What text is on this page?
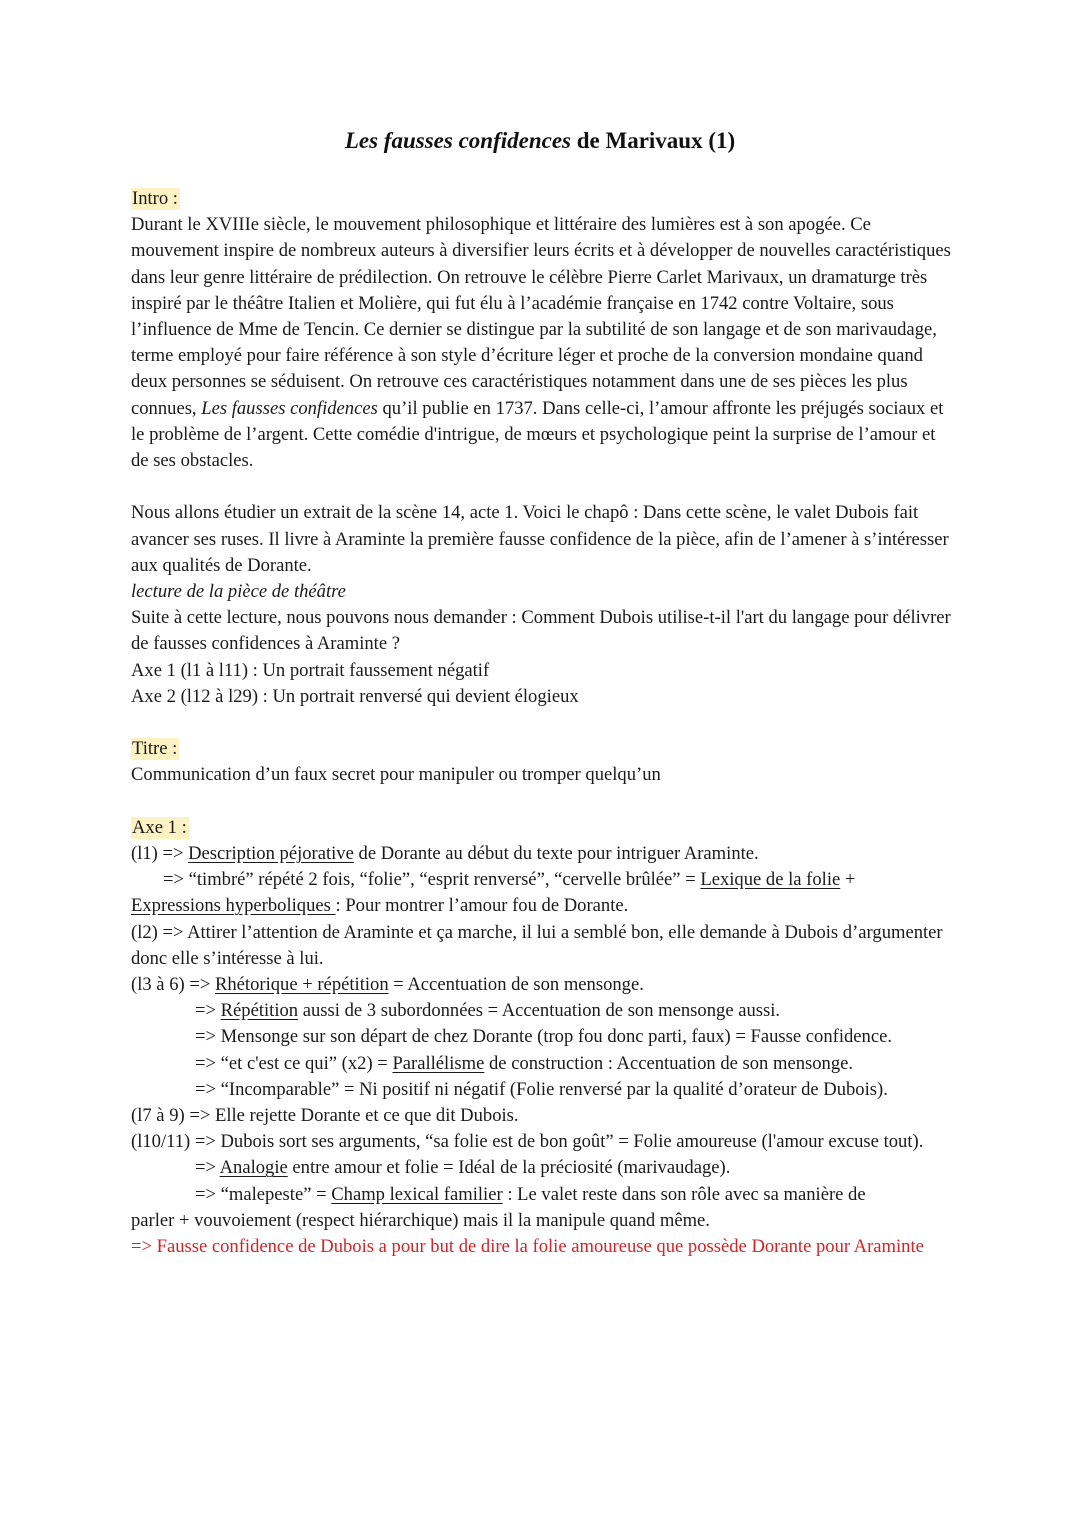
Les fausses confidences de Marivaux (1)

Intro :

Durant le XVIIIe siècle, le mouvement philosophique et littéraire des lumières est à son apogée. Ce mouvement inspire de nombreux auteurs à diversifier leurs écrits et à développer de nouvelles caractéristiques dans leur genre littéraire de prédilection. On retrouve le célèbre Pierre Carlet Marivaux, un dramaturge très inspiré par le théâtre Italien et Molière, qui fut élu à l’académie française en 1742 contre Voltaire, sous l’influence de Mme de Tencin. Ce dernier se distingue par la subtilité de son langage et de son marivaudage, terme employé pour faire référence à son style d’écriture léger et proche de la conversion mondaine quand deux personnes se séduisent. On retrouve ces caractéristiques notamment dans une de ses pièces les plus connues, Les fausses confidences qu’il publie en 1737. Dans celle-ci, l’amour affronte les préjugés sociaux et le problème de l’argent. Cette comédie d'intrigue, de mœurs et psychologique peint la surprise de l’amour et de ses obstacles.

Nous allons étudier un extrait de la scène 14, acte 1. Voici le chapô : Dans cette scène, le valet Dubois fait avancer ses ruses. Il livre à Araminte la première fausse confidence de la pièce, afin de l’amener à s’intéresser aux qualités de Dorante.

lecture de la pièce de théâtre

Suite à cette lecture, nous pouvons nous demander : Comment Dubois utilise-t-il l'art du langage pour délivrer de fausses confidences à Araminte ?

Axe 1 (l1 à l11) : Un portrait faussement négatif

Axe 2 (l12 à l29) : Un portrait renversé qui devient élogieux

Titre :

Communication d’un faux secret pour manipuler ou tromper quelqu’un

Axe 1 :

(l1) => Description péjorative de Dorante au début du texte pour intriguer Araminte.

=> “timbré” répété 2 fois, “folie”, “esprit renversé”, “cervelle brûlée” = Lexique de la folie +

Expressions hyperboliques : Pour montrer l’amour fou de Dorante.

(l2) => Attirer l’attention de Araminte et ça marche, il lui a semblé bon, elle demande à Dubois d’argumenter donc elle s’intéresse à lui.

(l3 à 6) => Rhétorique + répétition = Accentuation de son mensonge.

=> Répétition aussi de 3 subordonnées = Accentuation de son mensonge aussi.

=> Mensonge sur son départ de chez Dorante (trop fou donc parti, faux) = Fausse confidence.

=> “et c'est ce qui” (x2) = Parallélisme de construction : Accentuation de son mensonge.

=> “Incomparable” = Ni positif ni négatif (Folie renversé par la qualité d’orateur de Dubois).

(l7 à 9) => Elle rejette Dorante et ce que dit Dubois.

(l10/11) => Dubois sort ses arguments, “sa folie est de bon goût” = Folie amoureuse (l'amour excuse tout).

=> Analogie entre amour et folie = Idéal de la préciosité (marivaudage).

=> “malepeste” = Champ lexical familier : Le valet reste dans son rôle avec sa manière de

parler + vouvoiement (respect hiérarchique) mais il la manipule quand même.

=> Fausse confidence de Dubois a pour but de dire la folie amoureuse que possède Dorante pour Araminte
